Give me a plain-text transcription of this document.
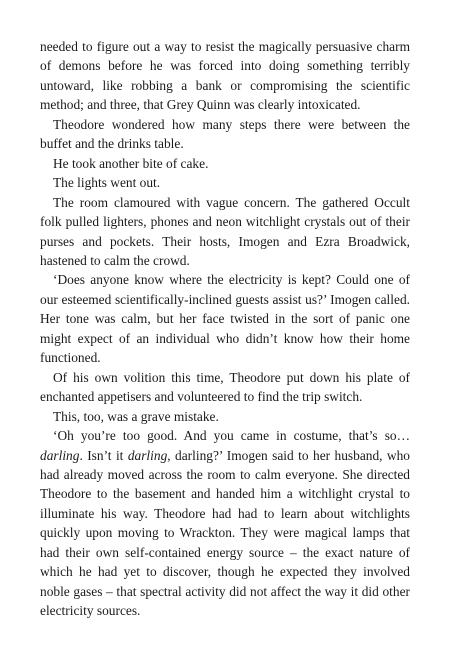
needed to figure out a way to resist the magically persuasive charm of demons before he was forced into doing something terribly untoward, like robbing a bank or compromising the scientific method; and three, that Grey Quinn was clearly intoxicated.

Theodore wondered how many steps there were between the buffet and the drinks table.

He took another bite of cake.

The lights went out.

The room clamoured with vague concern. The gathered Occult folk pulled lighters, phones and neon witchlight crystals out of their purses and pockets. Their hosts, Imogen and Ezra Broadwick, hastened to calm the crowd.

‘Does anyone know where the electricity is kept? Could one of our esteemed scientifically-inclined guests assist us?’ Imogen called. Her tone was calm, but her face twisted in the sort of panic one might expect of an individual who didn’t know how their home functioned.

Of his own volition this time, Theodore put down his plate of enchanted appetisers and volunteered to find the trip switch.

This, too, was a grave mistake.

‘Oh you’re too good. And you came in costume, that’s so… darling. Isn’t it darling, darling?’ Imogen said to her husband, who had already moved across the room to calm everyone. She directed Theodore to the basement and handed him a witchlight crystal to illuminate his way. Theodore had had to learn about witchlights quickly upon moving to Wrackton. They were magical lamps that had their own self-contained energy source – the exact nature of which he had yet to discover, though he expected they involved noble gases – that spectral activity did not affect the way it did other electricity sources.
